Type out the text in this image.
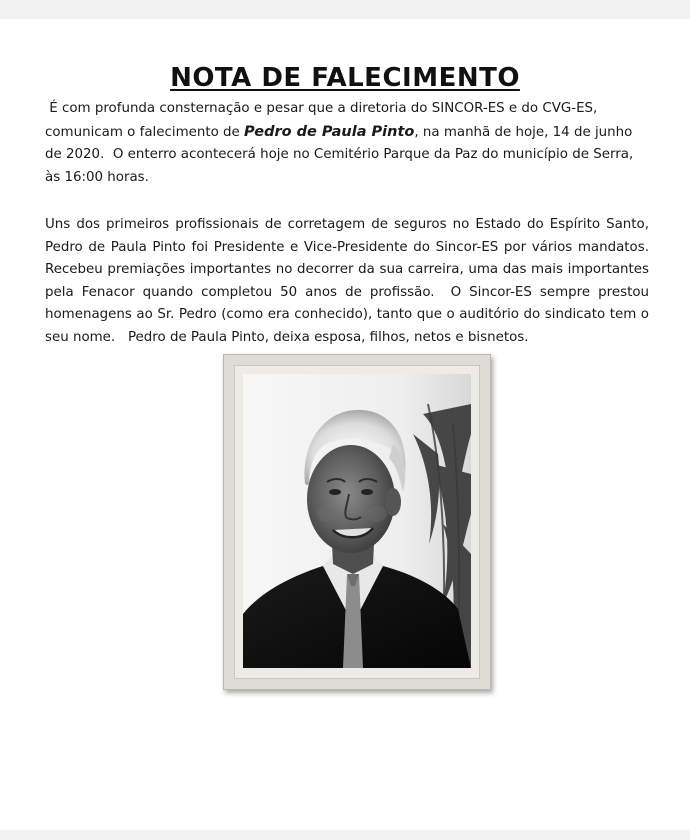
NOTA DE FALECIMENTO

É com profunda consternação e pesar que a diretoria do SINCOR-ES e do CVG-ES, comunicam o falecimento de Pedro de Paula Pinto, na manhã de hoje, 14 de junho de 2020.  O enterro acontecerá hoje no Cemitério Parque da Paz do município de Serra, às 16:00 horas.

Uns dos primeiros profissionais de corretagem de seguros no Estado do Espírito Santo, Pedro de Paula Pinto foi Presidente e Vice-Presidente do Sincor-ES por vários mandatos. Recebeu premiações importantes no decorrer da sua carreira, uma das mais importantes pela Fenacor quando completou 50 anos de profissão.  O Sincor-ES sempre prestou homenagens ao Sr. Pedro (como era conhecido), tanto que o auditório do sindicato tem o seu nome.   Pedro de Paula Pinto, deixa esposa, filhos, netos e bisnetos.
